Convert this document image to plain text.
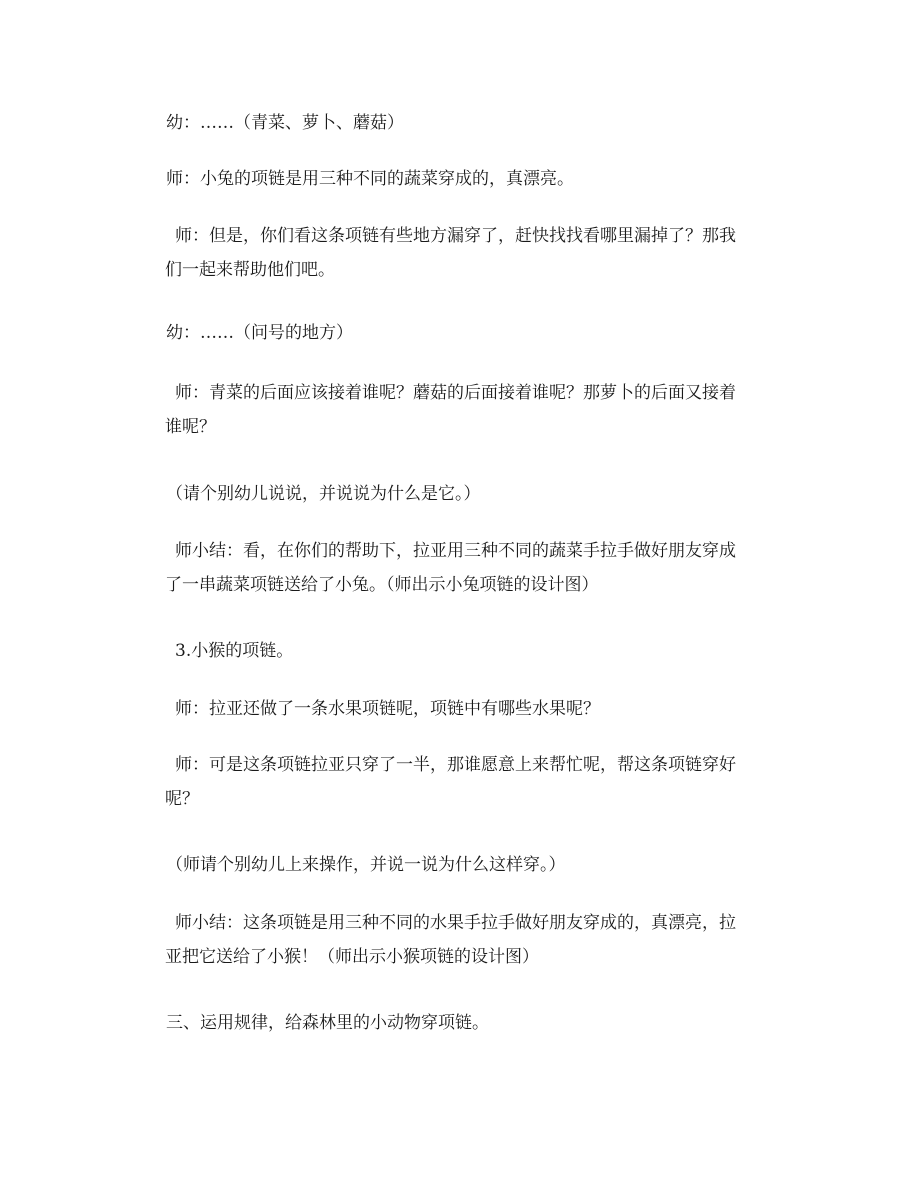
幼：……（青菜、萝卜、蘑菇）
师：小兔的项链是用三种不同的蔬菜穿成的，真漂亮。
师：但是，你们看这条项链有些地方漏穿了，赶快找找看哪里漏掉了？那我
们一起来帮助他们吧。
幼：……（问号的地方）
师：青菜的后面应该接着谁呢？蘑菇的后面接着谁呢？那萝卜的后面又接着
谁呢？
（请个别幼儿说说，并说说为什么是它。）
师小结：看，在你们的帮助下，拉亚用三种不同的蔬菜手拉手做好朋友穿成
了一串蔬菜项链送给了小兔。（师出示小兔项链的设计图）
3.小猴的项链。
师：拉亚还做了一条水果项链呢，项链中有哪些水果呢？
师：可是这条项链拉亚只穿了一半，那谁愿意上来帮忙呢，帮这条项链穿好
呢？
（师请个别幼儿上来操作，并说一说为什么这样穿。）
师小结：这条项链是用三种不同的水果手拉手做好朋友穿成的，真漂亮，拉
亚把它送给了小猴！（师出示小猴项链的设计图）
三、运用规律，给森林里的小动物穿项链。
